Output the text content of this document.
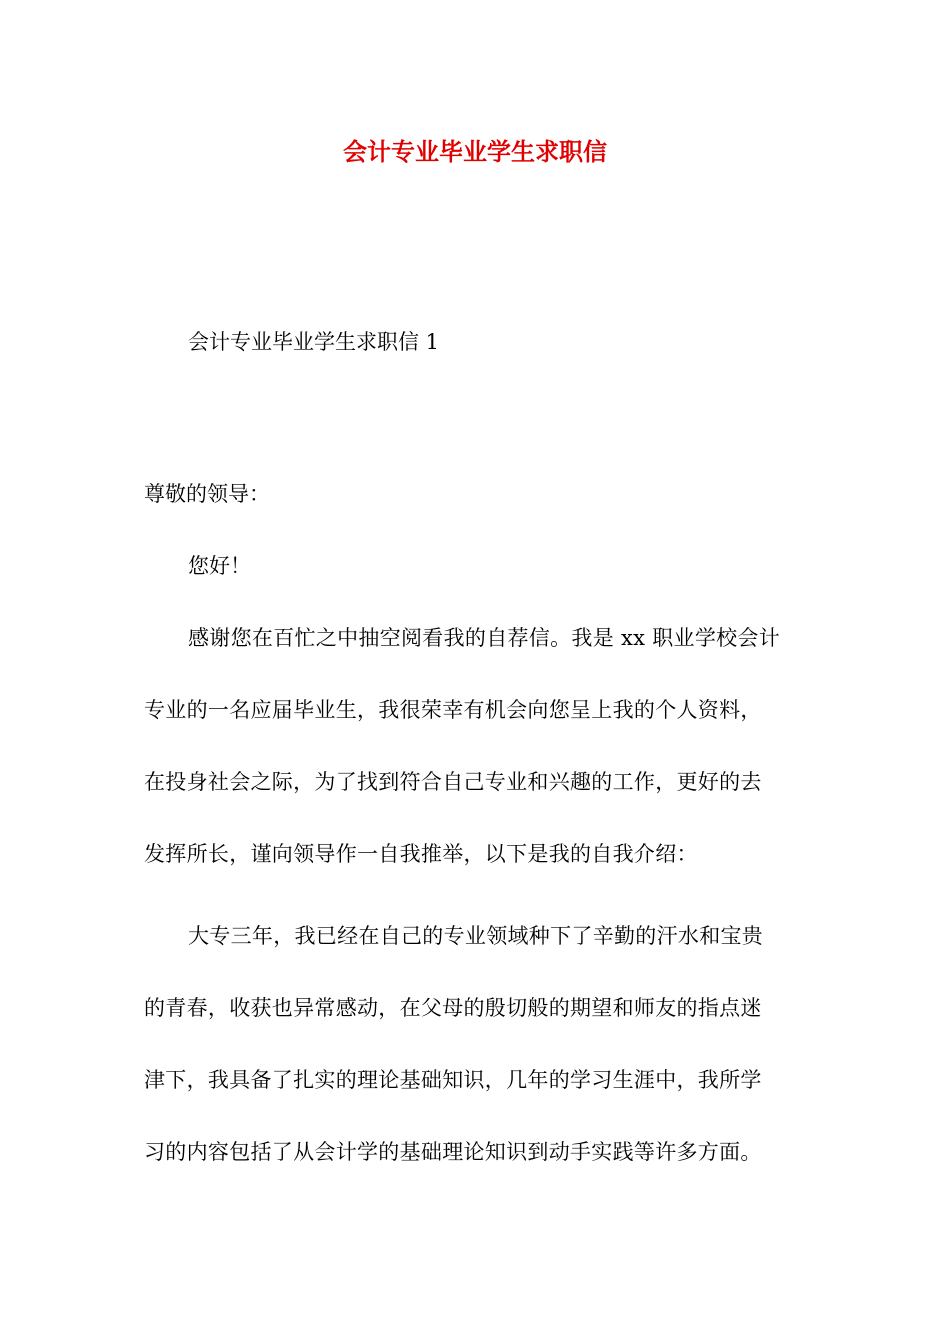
会计专业毕业学生求职信
会计专业毕业学生求职信 1
尊敬的领导：
您好！
感谢您在百忙之中抽空阅看我的自荐信。我是 xx 职业学校会计
专业的一名应届毕业生，我很荣幸有机会向您呈上我的个人资料，
在投身社会之际，为了找到符合自己专业和兴趣的工作，更好的去
发挥所长，谨向领导作一自我推举，以下是我的自我介绍：
大专三年，我已经在自己的专业领域种下了辛勤的汗水和宝贵
的青春，收获也异常感动，在父母的殷切般的期望和师友的指点迷
津下，我具备了扎实的理论基础知识，几年的学习生涯中，我所学
习的内容包括了从会计学的基础理论知识到动手实践等许多方面。
